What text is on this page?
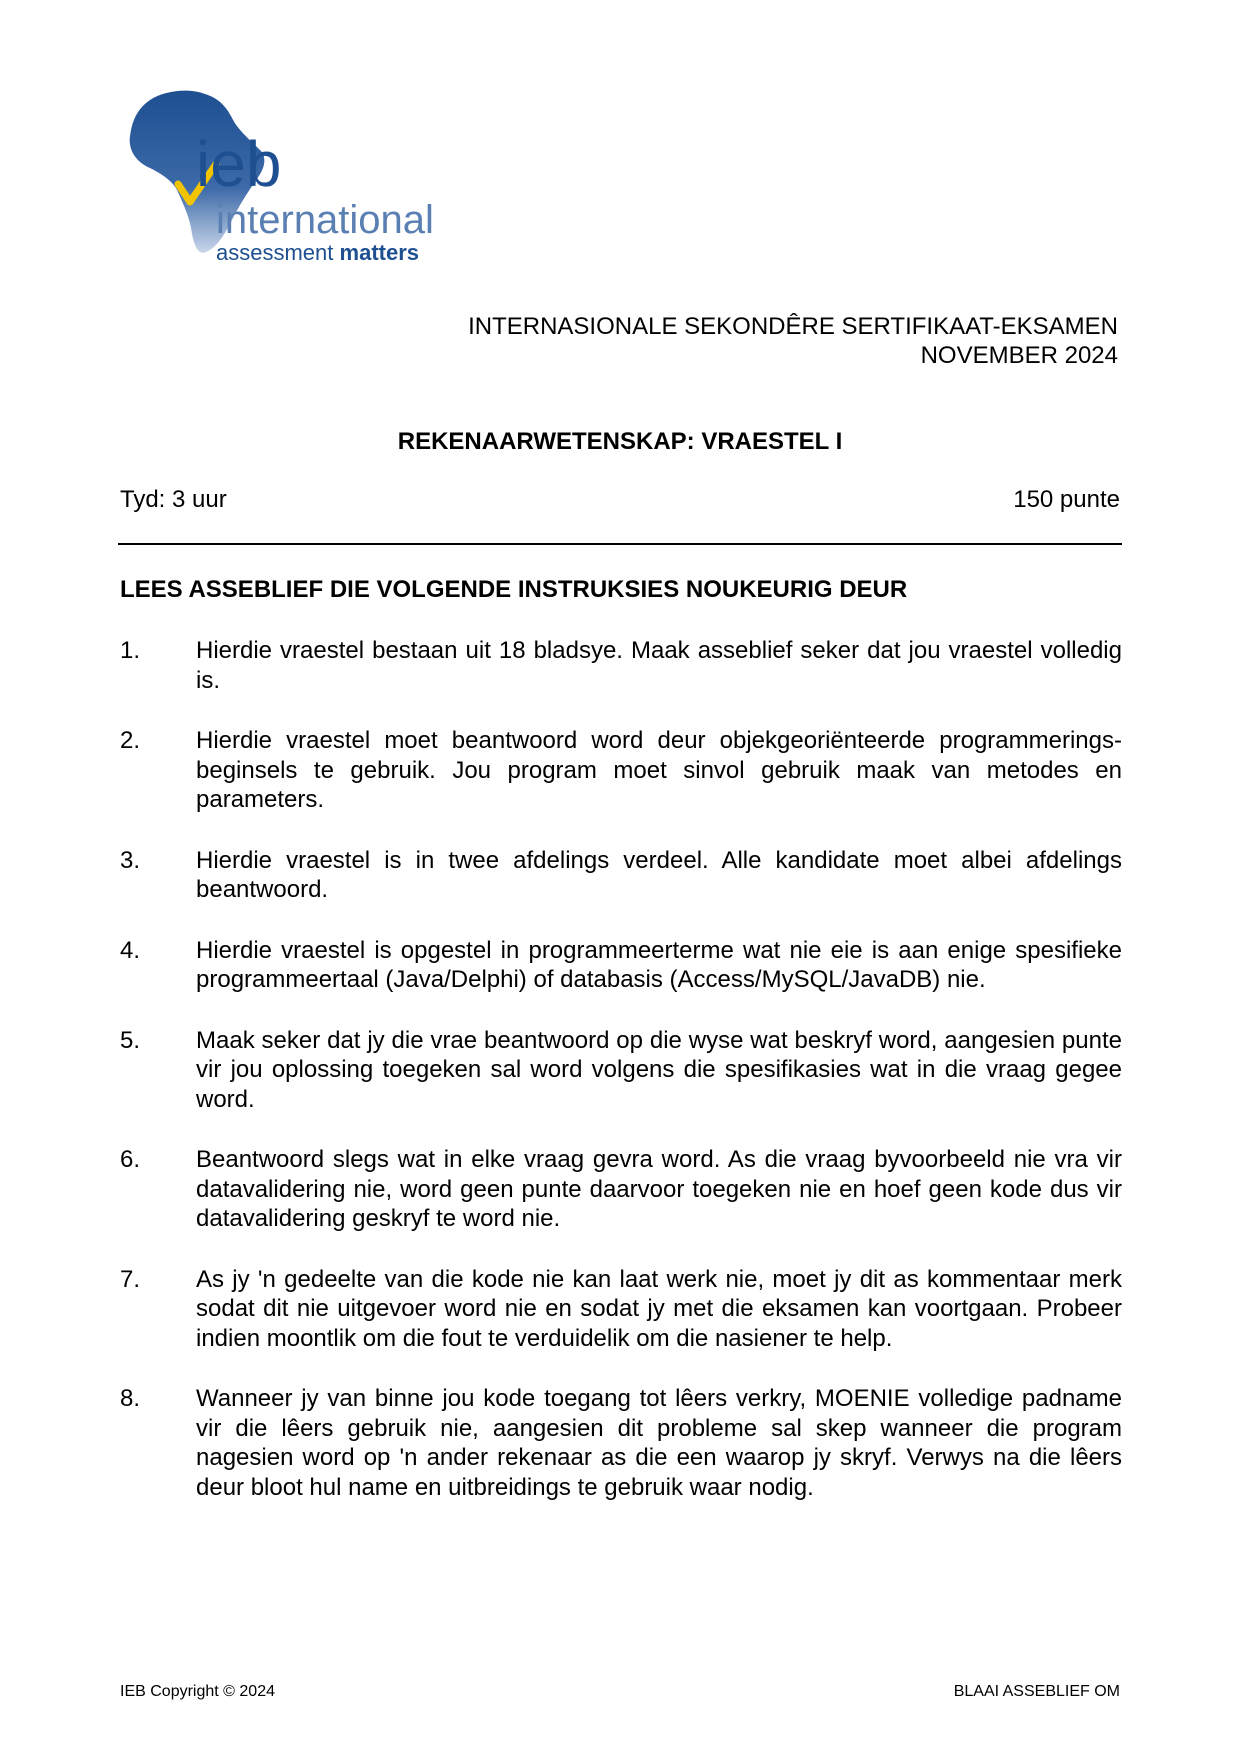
ieb
international
assessment matters
INTERNASIONALE SEKONDÊRE SERTIFIKAAT-EKSAMEN
NOVEMBER 2024
REKENAARWETENSKAP: VRAESTEL I
Tyd: 3 uur	150 punte
LEES ASSEBLIEF DIE VOLGENDE INSTRUKSIES NOUKEURIG DEUR
1. Hierdie vraestel bestaan uit 18 bladsye. Maak asseblief seker dat jou vraestel volledig is.
2. Hierdie vraestel moet beantwoord word deur objekgeoriënteerde programmerings-beginsels te gebruik. Jou program moet sinvol gebruik maak van metodes en parameters.
3. Hierdie vraestel is in twee afdelings verdeel. Alle kandidate moet albei afdelings beantwoord.
4. Hierdie vraestel is opgestel in programmeerterme wat nie eie is aan enige spesifieke programmeertaal (Java/Delphi) of databasis (Access/MySQL/JavaDB) nie.
5. Maak seker dat jy die vrae beantwoord op die wyse wat beskryf word, aangesien punte vir jou oplossing toegeken sal word volgens die spesifikasies wat in die vraag gegee word.
6. Beantwoord slegs wat in elke vraag gevra word. As die vraag byvoorbeeld nie vra vir datavalidering nie, word geen punte daarvoor toegeken nie en hoef geen kode dus vir datavalidering geskryf te word nie.
7. As jy 'n gedeelte van die kode nie kan laat werk nie, moet jy dit as kommentaar merk sodat dit nie uitgevoer word nie en sodat jy met die eksamen kan voortgaan. Probeer indien moontlik om die fout te verduidelik om die nasiener te help.
8. Wanneer jy van binne jou kode toegang tot lêers verkry, MOENIE volledige padname vir die lêers gebruik nie, aangesien dit probleme sal skep wanneer die program nagesien word op 'n ander rekenaar as die een waarop jy skryf. Verwys na die lêers deur bloot hul name en uitbreidings te gebruik waar nodig.
IEB Copyright © 2024	BLAAI ASSEBLIEF OM
